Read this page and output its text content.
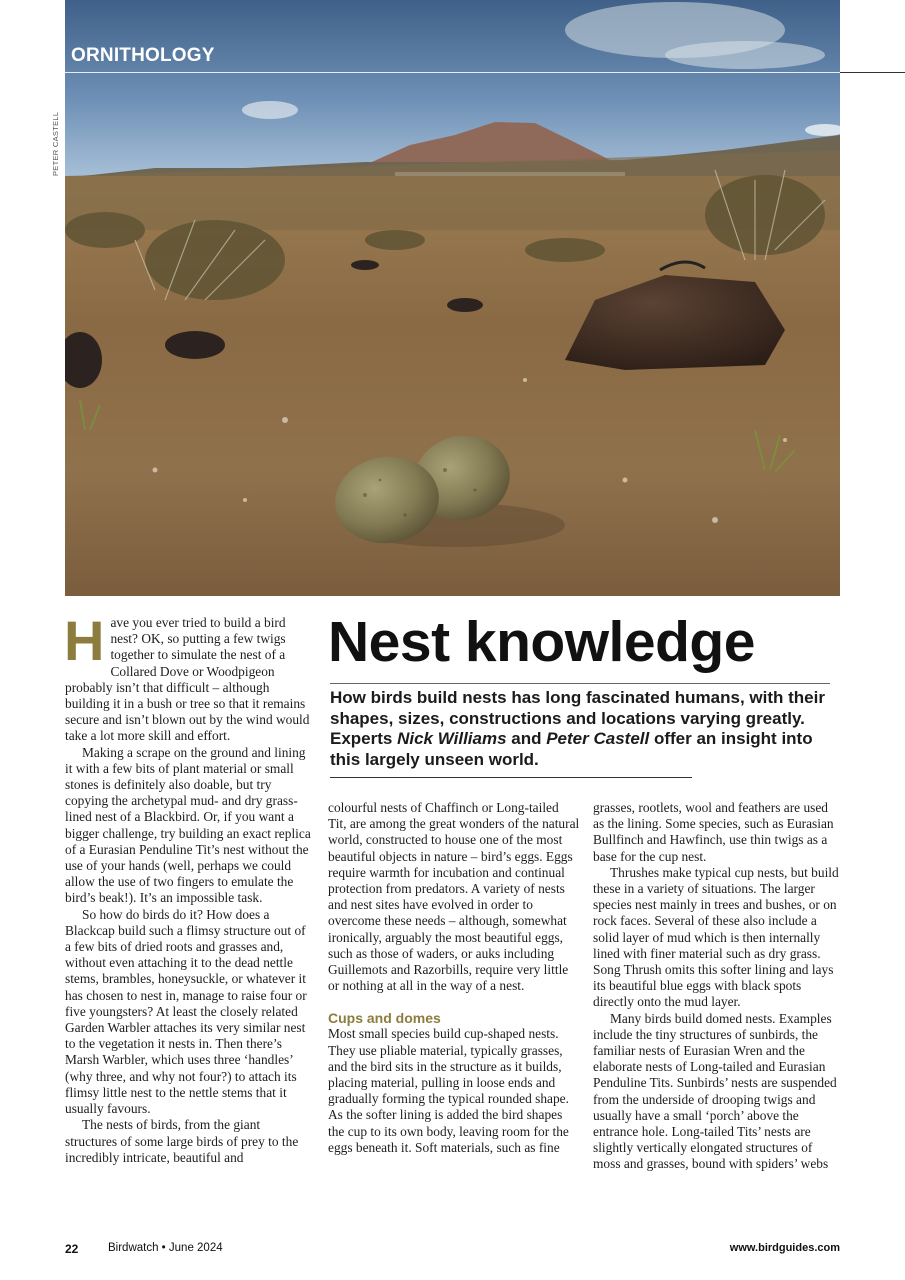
ORNITHOLOGY
PETER CASTELL
Nest knowledge

How birds build nests has long fascinated humans, with their shapes, sizes, constructions and locations varying greatly. Experts Nick Williams and Peter Castell offer an insight into this largely unseen world.

Have you ever tried to build a bird nest? OK, so putting a few twigs together to simulate the nest of a Collared Dove or Woodpigeon probably isn’t that difficult – although building it in a bush or tree so that it remains secure and isn’t blown out by the wind would take a lot more skill and effort.

Making a scrape on the ground and lining it with a few bits of plant material or small stones is definitely also doable, but try copying the archetypal mud- and dry grass-lined nest of a Blackbird. Or, if you want a bigger challenge, try building an exact replica of a Eurasian Penduline Tit’s nest without the use of your hands (well, perhaps we could allow the use of two fingers to emulate the bird’s beak!). It’s an impossible task.

So how do birds do it? How does a Blackcap build such a flimsy structure out of a few bits of dried roots and grasses and, without even attaching it to the dead nettle stems, brambles, honeysuckle, or whatever it has chosen to nest in, manage to raise four or five youngsters? At least the closely related Garden Warbler attaches its very similar nest to the vegetation it nests in. Then there’s Marsh Warbler, which uses three ‘handles’ (why three, and why not four?) to attach its flimsy little nest to the nettle stems that it usually favours.

The nests of birds, from the giant structures of some large birds of prey to the incredibly intricate, beautiful and

colourful nests of Chaffinch or Long-tailed Tit, are among the great wonders of the natural world, constructed to house one of the most beautiful objects in nature – bird’s eggs. Eggs require warmth for incubation and continual protection from predators. A variety of nests and nest sites have evolved in order to overcome these needs – although, somewhat ironically, arguably the most beautiful eggs, such as those of waders, or auks including Guillemots and Razorbills, require very little or nothing at all in the way of a nest.

Cups and domes

Most small species build cup-shaped nests. They use pliable material, typically grasses, and the bird sits in the structure as it builds, placing material, pulling in loose ends and gradually forming the typical rounded shape. As the softer lining is added the bird shapes the cup to its own body, leaving room for the eggs beneath it. Soft materials, such as fine

grasses, rootlets, wool and feathers are used as the lining. Some species, such as Eurasian Bullfinch and Hawfinch, use thin twigs as a base for the cup nest.

Thrushes make typical cup nests, but build these in a variety of situations. The larger species nest mainly in trees and bushes, or on rock faces. Several of these also include a solid layer of mud which is then internally lined with finer material such as dry grass. Song Thrush omits this softer lining and lays its beautiful blue eggs with black spots directly onto the mud layer.

Many birds build domed nests. Examples include the tiny structures of sunbirds, the familiar nests of Eurasian Wren and the elaborate nests of Long-tailed and Eurasian Penduline Tits. Sunbirds’ nests are suspended from the underside of drooping twigs and usually have a small ‘porch’ above the entrance hole. Long-tailed Tits’ nests are slightly vertically elongated structures of moss and grasses, bound with spiders’ webs

22	Birdwatch • June 2024	www.birdguides.com
